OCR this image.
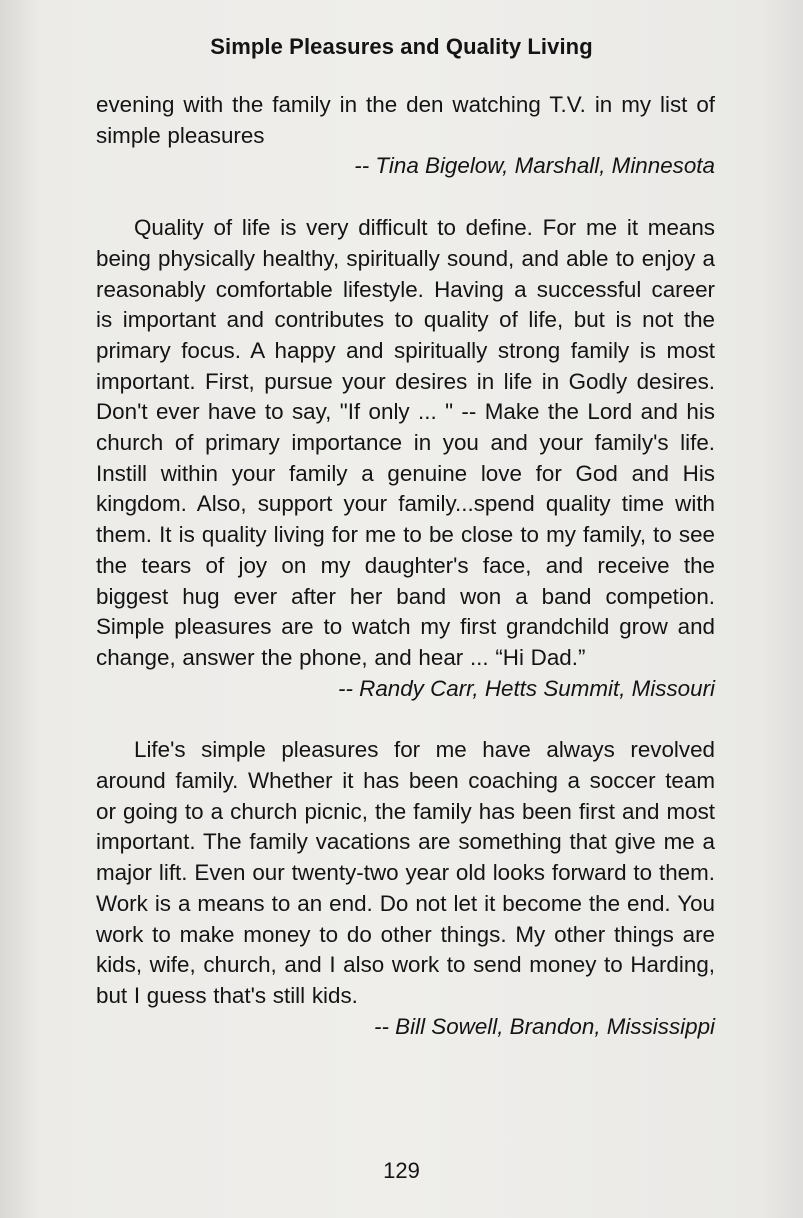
Simple Pleasures and Quality Living

evening with the family in the den watching T.V. in my list of simple pleasures

-- Tina Bigelow, Marshall, Minnesota

Quality of life is very difficult to define. For me it means being physically healthy, spiritually sound, and able to enjoy a reasonably comfortable lifestyle. Having a successful career is important and contributes to quality of life, but is not the primary focus. A happy and spiritually strong family is most important. First, pursue your desires in life in Godly desires. Don't ever have to say, "If only ... " -- Make the Lord and his church of primary importance in you and your family's life. Instill within your family a genuine love for God and His kingdom. Also, support your family...spend quality time with them. It is quality living for me to be close to my family, to see the tears of joy on my daughter's face, and receive the biggest hug ever after her band won a band competion. Simple pleasures are to watch my first grandchild grow and change, answer the phone, and hear ... “Hi Dad.”

-- Randy Carr, Hetts Summit, Missouri

Life's simple pleasures for me have always revolved around family. Whether it has been coaching a soccer team or going to a church picnic, the family has been first and most important. The family vacations are something that give me a major lift. Even our twenty-two year old looks forward to them. Work is a means to an end. Do not let it become the end. You work to make money to do other things. My other things are kids, wife, church, and I also work to send money to Harding, but I guess that's still kids.

-- Bill Sowell, Brandon, Mississippi

129
